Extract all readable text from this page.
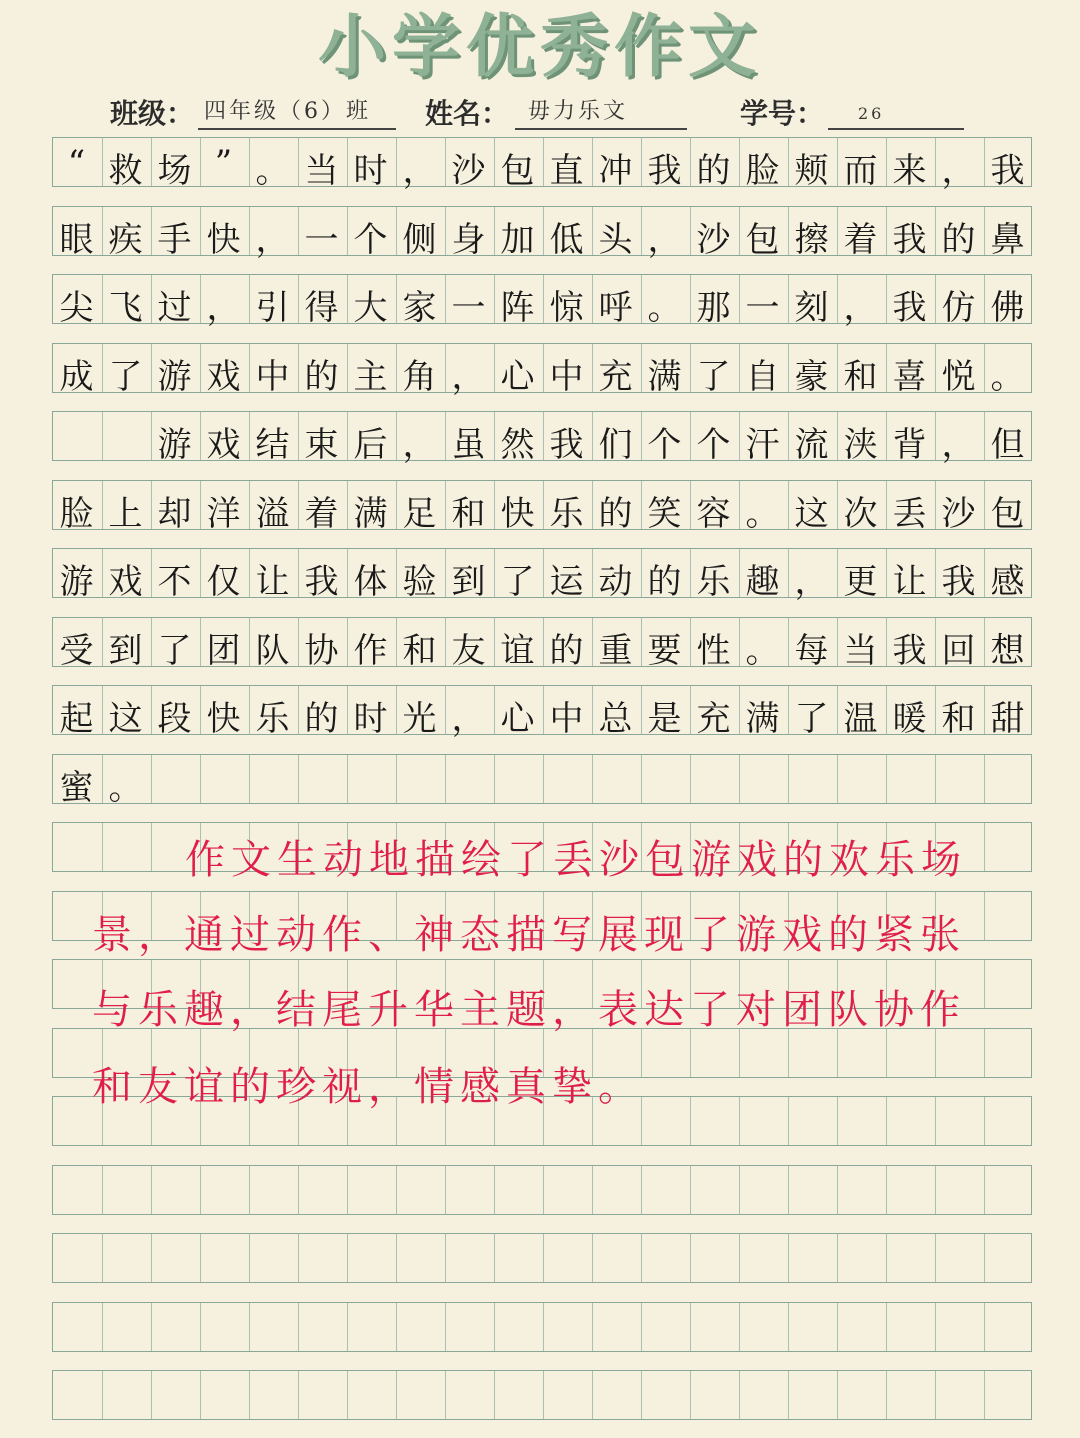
小学优秀作文
班级： 四年级（6）班 姓名： 毋力乐文	学号： 26
“ 救 场 ” 。 当 时 ， 沙 包 直 冲 我 的 脸 颊 而 来 ， 我
眼 疾 手 快 ， 一 个 侧 身 加 低 头 ， 沙 包 擦 着 我 的 鼻
尖 飞 过 ， 引 得 大 家 一 阵 惊 呼 。 那 一 刻 ， 我 仿 佛
成 了 游 戏 中 的 主 角 ， 心 中 充 满 了 自 豪 和 喜 悦 。
游 戏 结 束 后 ， 虽 然 我 们 个 个 汗 流 浃 背 ， 但
脸 上 却 洋 溢 着 满 足 和 快 乐 的 笑 容 。 这 次 丢 沙 包
游 戏 不 仅 让 我 体 验 到 了 运 动 的 乐 趣 ， 更 让 我 感
受 到 了 团 队 协 作 和 友 谊 的 重 要 性 。 每 当 我 回 想
起 这 段 快 乐 的 时 光 ， 心 中 总 是 充 满 了 温 暖 和 甜
蜜 。
作文生动地描绘了丢沙包游戏的欢乐场
景，通过动作、神态描写展现了游戏的紧张
与乐趣，结尾升华主题，表达了对团队协作
和友谊的珍视，情感真挚。
